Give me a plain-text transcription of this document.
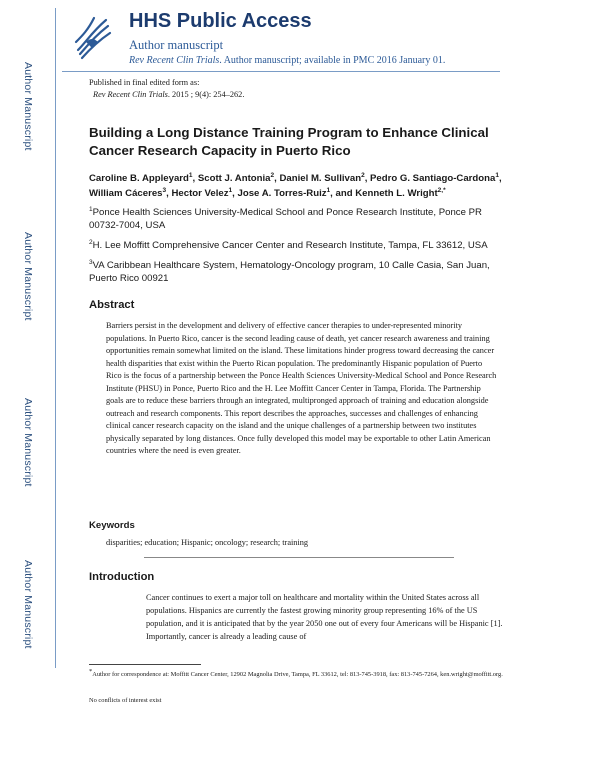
Author Manuscript
Author Manuscript
Author Manuscript
Author Manuscript
HHS Public Access
Author manuscript
Rev Recent Clin Trials. Author manuscript; available in PMC 2016 January 01.
Published in final edited form as:
Rev Recent Clin Trials. 2015 ; 9(4): 254–262.
Building a Long Distance Training Program to Enhance Clinical Cancer Research Capacity in Puerto Rico
Caroline B. Appleyard$^1$, Scott J. Antonia$^2$, Daniel M. Sullivan$^2$, Pedro G. Santiago-Cardona$^1$, William Cáceres$^3$, Hector Velez$^1$, Jose A. Torres-Ruiz$^1$, and Kenneth L. Wright$^{2,*}$
$^1$Ponce Health Sciences University-Medical School and Ponce Research Institute, Ponce PR 00732-7004, USA
$^2$H. Lee Moffitt Comprehensive Cancer Center and Research Institute, Tampa, FL 33612, USA
$^3$VA Caribbean Healthcare System, Hematology-Oncology program, 10 Calle Casia, San Juan, Puerto Rico 00921
Abstract
Barriers persist in the development and delivery of effective cancer therapies to under-represented minority populations. In Puerto Rico, cancer is the second leading cause of death, yet cancer research awareness and training opportunities remain somewhat limited on the island. These limitations hinder progress toward decreasing the cancer health disparities that exist within the Puerto Rican population. The predominantly Hispanic population of Puerto Rico is the focus of a partnership between the Ponce Health Sciences University-Medical School and Ponce Research Institute (PHSU) in Ponce, Puerto Rico and the H. Lee Moffitt Cancer Center in Tampa, Florida. The Partnership goals are to reduce these barriers through an integrated, multipronged approach of training and education alongside outreach and research components. This report describes the approaches, successes and challenges of enhancing clinical cancer research capacity on the island and the unique challenges of a partnership between two institutes physically separated by long distances. Once fully developed this model may be exportable to other Latin American countries where the need is even greater.
Keywords
disparities; education; Hispanic; oncology; research; training
Introduction
Cancer continues to exert a major toll on healthcare and mortality within the United States across all populations. Hispanics are currently the fastest growing minority group representing 16% of the US population, and it is anticipated that by the year 2050 one out of every four Americans will be Hispanic [1]. Importantly, cancer is already a leading cause of
*Author for correspondence at: Moffitt Cancer Center, 12902 Magnolia Drive, Tampa, FL 33612, tel: 813-745-3918, fax: 813-745-7264, ken.wright@moffitt.org.
No conflicts of interest exist
